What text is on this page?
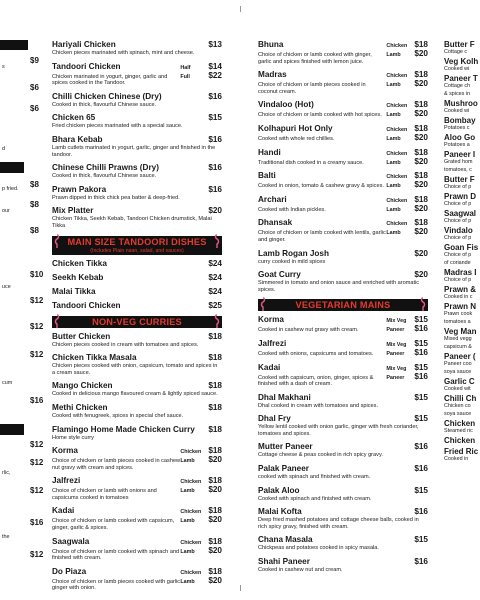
$9
s
$6
$6
d
$8
p fried.
$8
our
$8
$10
uce
$12
$12
$12
cum
$16
$12
rlic,
$12
$12
$16
the
$12
Hariyali Chicken	$13
Chicken pieces marinated with spinach, mint and cheese.
Tandoori Chicken	Half	$14
Chicken marinated in yogurt, ginger, garlic and spices cooked in the Tandoor.
Full	$22
Chilli Chicken Chinese (Dry)	$16
Cooked in thick, flavourful Chinese sauce.
Chicken 65	$15
Fried chicken pieces marinated with a special sauce.
Bhara Kebab	$16
Lamb cutlets marinated in yogurt, garlic, ginger and finished in the tandoor.
Chinese Chilli Prawns (Dry)	$16
Cooked in thick, flavourful Chinese sauce.
Prawn Pakora	$16
Prawn dipped in thick chick pea batter & deep-fried.
Mix Platter	$20
Chicken Tikka, Seekh Kebab, Tandoori Chicken drumstick, Malai Tikka
MAIN SIZE TANDOORI DISHES
(Includes Plain naan, salad, and sauces)
Chicken Tikka	$24
Seekh Kebab	$24
Malai Tikka	$24
Tandoori Chicken	$25
NON-VEG CURRIES
Butter Chicken	$18
Chicken pieces cooked in cream with tomatoes and spices.
Chicken Tikka Masala	$18
Chicken pieces cooked with onion, capsicum, tomato and spices in a cream sauce.
Mango Chicken	$18
Cooked in delicious mango flavoured cream & lightly spiced sauce.
Methi Chicken	$18
Cooked with fenugreek, spices in special chef sauce.
Flamingo Home Made Chicken Curry	$18
Home style curry
Korma	Chicken $18
Choice of chicken or lamb pieces cooked in cashew nut gravy with cream and spices.
Lamb	$20
Jalfrezi	Chicken $18
Choice of chicken or lamb with onions and capsicums cooked in tomatoes
Lamb	$20
Kadai	Chicken $18
Choice of chicken or lamb cooked with capsicum, ginger, garlic & spices.
Lamb	$20
Saagwala	Chicken $18
Choice of chicken or lamb cooked with spinach and finished with cream.
Lamb	$20
Do Piaza	Chicken $18
Choice of chicken or lamb pieces cooked with garlic ginger with onion.
Lamb	$20
Bhuna	Chicken $18
Choice of chicken or lamb cooked with ginger, garlic and spices finished with lemon juice.
Lamb	$20
Madras	Chicken $18
Choice of chicken or lamb pieces cooked in coconut cream.
Lamb	$20
Vindaloo (Hot)	Chicken $18
Choice of chicken or lamb cooked with hot spices. Lamb	$20
Kolhapuri Hot Only	Chicken $18
Cooked with whole red chillies.	Lamb	$20
Handi	Chicken $18
Traditional dish cooked in a creamy sauce.	Lamb	$20
Balti	Chicken $18
Cooked in onion, tomato & cashew gravy & spices. Lamb	$20
Archari	Chicken $18
Cooked with Indian pickles.	Lamb	$20
Dhansak	Chicken $18
Choice of chicken or lamb cooked with lentils, garlic and ginger.
Lamb	$20
Lamb Rogan Josh	$20
curry cooked in mild spices
Goat Curry	$20
Simmered in tomato and onion sauce and enriched with aromatic spices.
VEGETARIAN MAINS
Korma	Mix Veg $15
Cooked in cashew nut gravy with cream.	Paneer	$16
Jalfrezi	Mix Veg $15
Cooked with onions, capsicums and tomatoes.	Paneer	$16
Kadai	Mix Veg $15
Cooked with capsicum, onion, ginger, spices & finished with a dash of cream.
Paneer	$16
Dhal Makhani	$15
Dhal cooked in cream with tomatoes and spices.
Dhal Fry	$15
Yellow lentil cooked with onion garlic, ginger with fresh coriander, tomatoes and spices.
Mutter Paneer	$16
Cottage cheese & peas cooked in rich spicy gravy.
Palak Paneer	$16
cooked with spinach and finished with cream.
Palak Aloo	$15
Cooked with spinach and finished with cream.
Malai Kofta	$16
Deep fried mashed potatoes and cottage cheese balls, cooked in rich spicy gravy, finished with cream.
Chana Masala	$15
Chickpeas and potatoes cooked in spicy masala.
Shahi Paneer	$16
Cooked in cashew nut and cream.
Butter F
Cottage c
Veg Kolh
Cooked wi
Paneer T
Cottage ch
& spices in
Mushroo
Cooked wi
Bombay
Potatoes c
Aloo Go
Potatoes a
Paneer I
Grated hom
tomatoes, c
Butter F
Choice of p
Prawn D
Choice of p
Saagwal
Choice of p
Vindalo
Choice of p
Goan Fis
Choice of p
of coriande
Madras I
Choice of p
Prawn &
Cooked in c
Prawn N
Prawn cook
tomatoes a
Veg Man
Mixed vegg
capsicum &
Paneer (
Paneer coo
soya sauce
Garlic C
Cooked wit
Chilli Ch
Chicken co
soya sauce
Chicken
Steamed ric
Chicken
Fried Ric
Cooked in
